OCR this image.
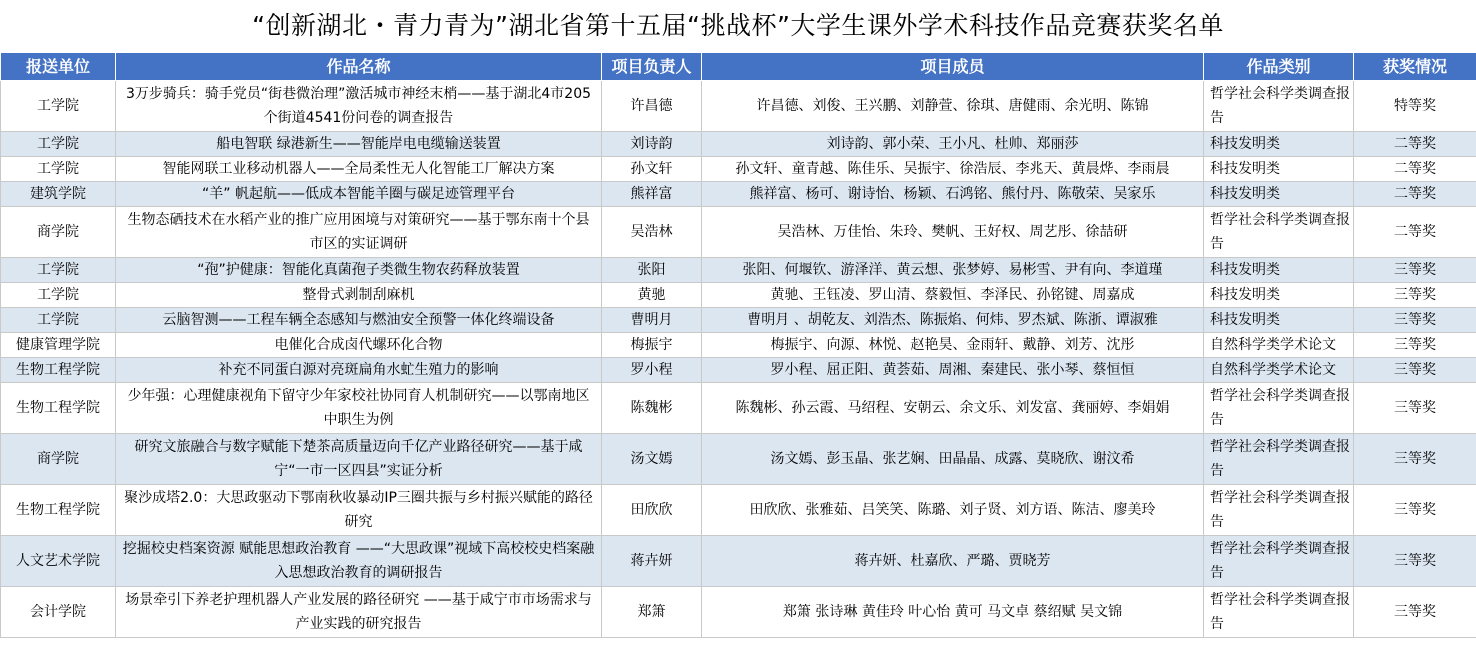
“创新湖北・青力青为”湖北省第十五届“挑战杯”大学生课外学术科技作品竞赛获奖名单
报送单位	作品名称	项目负责人	项目成员	作品类别	获奖情况
工学院	3万步骑兵：骑手党员“街巷微治理”激活城市神经末梢——基于湖北4市205个街道4541份问卷的调查报告	许昌德	许昌德、刘俊、王兴鹏、刘静萱、徐琪、唐健雨、余光明、陈锦	哲学社会科学类调查报告	特等奖
工学院	船电智联 绿港新生——智能岸电电缆输送装置	刘诗韵	刘诗韵、郭小荣、王小凡、杜帅、郑丽莎	科技发明类	二等奖
工学院	智能网联工业移动机器人——全局柔性无人化智能工厂解决方案	孙文轩	孙文轩、童青越、陈佳乐、吴振宇、徐浩辰、李兆天、黄晨烨、李雨晨	科技发明类	二等奖
建筑学院	“羊” 帆起航——低成本智能羊圈与碳足迹管理平台	熊祥富	熊祥富、杨可、谢诗怡、杨颖、石鸿铭、熊付丹、陈敬荣、吴家乐	科技发明类	二等奖
商学院	生物态硒技术在水稻产业的推广应用困境与对策研究——基于鄂东南十个县市区的实证调研	吴浩林	吴浩林、万佳怡、朱玲、樊帆、王好权、周艺彤、徐喆研	哲学社会科学类调查报告	二等奖
工学院	“孢”护健康：智能化真菌孢子类微生物农药释放装置	张阳	张阳、何堰钦、游泽洋、黄云想、张梦婷、易彬雪、尹有向、李道瑾	科技发明类	三等奖
工学院	整骨式剥制刮麻机	黄驰	黄驰、王钰凌、罗山清、蔡毅恒、李泽民、孙铭键、周嘉成	科技发明类	三等奖
工学院	云脑智测——工程车辆全态感知与燃油安全预警一体化终端设备	曹明月	曹明月 、胡乾友、刘浩杰、陈振焰、何炜、罗杰斌、陈浙、谭淑雅	科技发明类	三等奖
健康管理学院	电催化合成卤代螺环化合物	梅振宇	梅振宇、向源、林悦、赵艳昊、金雨轩、戴静、刘芳、沈彤	自然科学类学术论文	三等奖
生物工程学院	补充不同蛋白源对亮斑扁角水虻生殖力的影响	罗小程	罗小程、屈正阳、黄荟茹、周湘、秦建民、张小琴、蔡恒恒	自然科学类学术论文	三等奖
生物工程学院	少年强：心理健康视角下留守少年家校社协同育人机制研究——以鄂南地区中职生为例	陈魏彬	陈魏彬、孙云霞、马绍程、安朝云、余文乐、刘发富、龚丽婷、李娟娟	哲学社会科学类调查报告	三等奖
商学院	研究文旅融合与数字赋能下楚茶高质量迈向千亿产业路径研究——基于咸宁“一市一区四县”实证分析	汤文嫣	汤文嫣、彭玉晶、张艺娴、田晶晶、成露、莫晓欣、谢汶希	哲学社会科学类调查报告	三等奖
生物工程学院	聚沙成塔2.0：大思政驱动下鄂南秋收暴动IP三圈共振与乡村振兴赋能的路径研究	田欣欣	田欣欣、张雅茹、吕笑笑、陈璐、刘子贤、刘方语、陈洁、廖美玲	哲学社会科学类调查报告	三等奖
人文艺术学院	挖掘校史档案资源 赋能思想政治教育 ——“大思政课”视域下高校校史档案融入思想政治教育的调研报告	蒋卉妍	蒋卉妍、杜嘉欣、严璐、贾晓芳	哲学社会科学类调查报告	三等奖
会计学院	场景牵引下养老护理机器人产业发展的路径研究 ——基于咸宁市市场需求与产业实践的研究报告	郑箫	郑箫 张诗琳 黄佳玲 叶心怡 黄可 马文卓 蔡绍赋 吴文锦	哲学社会科学类调查报告	三等奖
